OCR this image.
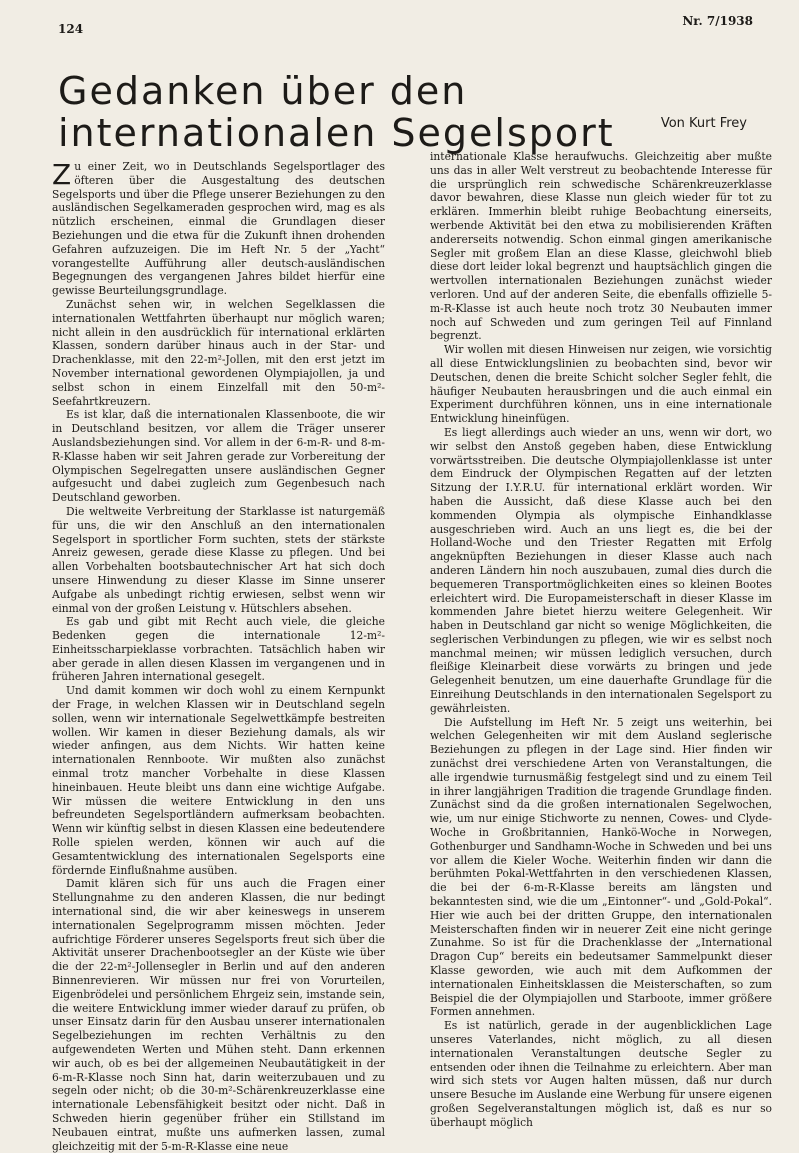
124
Nr. 7/1938
Gedanken über den internationalen Segelsport	Von Kurt Frey

Zu einer Zeit, wo in Deutschlands Segelsportlager des öfteren über die Ausgestaltung des deutschen Segelsports und über die Pflege unserer Beziehungen zu den ausländischen Segelkameraden gesprochen wird, mag es als nützlich erscheinen, einmal die Grundlagen dieser Beziehungen und die etwa für die Zukunft ihnen drohenden Gefahren aufzuzeigen. Die im Heft Nr. 5 der „Yacht“ vorangestellte Aufführung aller deutsch-ausländischen Begegnungen des vergangenen Jahres bildet hierfür eine gewisse Beurteilungsgrundlage.

Zunächst sehen wir, in welchen Segelklassen die internationalen Wettfahrten überhaupt nur möglich waren; nicht allein in den ausdrücklich für international erklärten Klassen, sondern darüber hinaus auch in der Star- und Drachenklasse, mit den 22-m²-Jollen, mit den erst jetzt im November international gewordenen Olympiajollen, ja und selbst schon in einem Einzelfall mit den 50-m²-Seefahrtkreuzern.

Es ist klar, daß die internationalen Klassenboote, die wir in Deutschland besitzen, vor allem die Träger unserer Auslandsbeziehungen sind. Vor allem in der 6-m-R- und 8-m-R-Klasse haben wir seit Jahren gerade zur Vorbereitung der Olympischen Segelregatten unsere ausländischen Gegner aufgesucht und dabei zugleich zum Gegenbesuch nach Deutschland geworben.

Die weltweite Verbreitung der Starklasse ist naturgemäß für uns, die wir den Anschluß an den internationalen Segelsport in sportlicher Form suchten, stets der stärkste Anreiz gewesen, gerade diese Klasse zu pflegen. Und bei allen Vorbehalten bootsbautechnischer Art hat sich doch unsere Hinwendung zu dieser Klasse im Sinne unserer Aufgabe als unbedingt richtig erwiesen, selbst wenn wir einmal von der großen Leistung v. Hütschlers absehen.

Es gab und gibt mit Recht auch viele, die gleiche Bedenken gegen die internationale 12-m²-Einheitsscharpieklasse vorbrachten. Tatsächlich haben wir aber gerade in allen diesen Klassen im vergangenen und in früheren Jahren international gesegelt.

Und damit kommen wir doch wohl zu einem Kernpunkt der Frage, in welchen Klassen wir in Deutschland segeln sollen, wenn wir internationale Segelwettkämpfe bestreiten wollen. Wir kamen in dieser Beziehung damals, als wir wieder anfingen, aus dem Nichts. Wir hatten keine internationalen Rennboote. Wir mußten also zunächst einmal trotz mancher Vorbehalte in diese Klassen hineinbauen. Heute bleibt uns dann eine wichtige Aufgabe. Wir müssen die weitere Entwicklung in den uns befreundeten Segelsportländern aufmerksam beobachten. Wenn wir künftig selbst in diesen Klassen eine bedeutendere Rolle spielen werden, können wir auch auf die Gesamtentwicklung des internationalen Segelsports eine fördernde Einflußnahme ausüben.

Damit klären sich für uns auch die Fragen einer Stellungnahme zu den anderen Klassen, die nur bedingt international sind, die wir aber keineswegs in unserem internationalen Segelprogramm missen möchten. Jeder aufrichtige Förderer unseres Segelsports freut sich über die Aktivität unserer Drachenbootsegler an der Küste wie über die der 22-m²-Jollensegler in Berlin und auf den anderen Binnenrevieren. Wir müssen nur frei von Vorurteilen, Eigenbrödelei und persönlichem Ehrgeiz sein, imstande sein, die weitere Entwicklung immer wieder darauf zu prüfen, ob unser Einsatz darin für den Ausbau unserer internationalen Segelbeziehungen im rechten Verhältnis zu den aufgewendeten Werten und Mühen steht. Dann erkennen wir auch, ob es bei der allgemeinen Neubautätigkeit in der 6-m-R-Klasse noch Sinn hat, darin weiterzubauen und zu segeln oder nicht; ob die 30-m²-Schärenkreuzerklasse eine internationale Lebensfähigkeit besitzt oder nicht. Daß in Schweden hierin gegenüber früher ein Stillstand im Neubauen eintrat, mußte uns aufmerken lassen, zumal gleichzeitig mit der 5-m-R-Klasse eine neue

internationale Klasse heraufwuchs. Gleichzeitig aber mußte uns das in aller Welt verstreut zu beobachtende Interesse für die ursprünglich rein schwedische Schärenkreuzerklasse davor bewahren, diese Klasse nun gleich wieder für tot zu erklären. Immerhin bleibt ruhige Beobachtung einerseits, werbende Aktivität bei den etwa zu mobilisierenden Kräften andererseits notwendig. Schon einmal gingen amerikanische Segler mit großem Elan an diese Klasse, gleichwohl blieb diese dort leider lokal begrenzt und hauptsächlich gingen die wertvollen internationalen Beziehungen zunächst wieder verloren. Und auf der anderen Seite, die ebenfalls offizielle 5-m-R-Klasse ist auch heute noch trotz 30 Neubauten immer noch auf Schweden und zum geringen Teil auf Finnland begrenzt.

Wir wollen mit diesen Hinweisen nur zeigen, wie vorsichtig all diese Entwicklungslinien zu beobachten sind, bevor wir Deutschen, denen die breite Schicht solcher Segler fehlt, die häufiger Neubauten herausbringen und die auch einmal ein Experiment durchführen können, uns in eine internationale Entwicklung hineinfügen.

Es liegt allerdings auch wieder an uns, wenn wir dort, wo wir selbst den Anstoß gegeben haben, diese Entwicklung vorwärtsstreiben. Die deutsche Olympiajollenklasse ist unter dem Eindruck der Olympischen Regatten auf der letzten Sitzung der I.Y.R.U. für international erklärt worden. Wir haben die Aussicht, daß diese Klasse auch bei den kommenden Olympia als olympische Einhandklasse ausgeschrieben wird. Auch an uns liegt es, die bei der Holland-Woche und den Triester Regatten mit Erfolg angeknüpften Beziehungen in dieser Klasse auch nach anderen Ländern hin noch auszubauen, zumal dies durch die bequemeren Transportmöglichkeiten eines so kleinen Bootes erleichtert wird. Die Europameisterschaft in dieser Klasse im kommenden Jahre bietet hierzu weitere Gelegenheit. Wir haben in Deutschland gar nicht so wenige Möglichkeiten, die seglerischen Verbindungen zu pflegen, wie wir es selbst noch manchmal meinen; wir müssen lediglich versuchen, durch fleißige Kleinarbeit diese vorwärts zu bringen und jede Gelegenheit benutzen, um eine dauerhafte Grundlage für die Einreihung Deutschlands in den internationalen Segelsport zu gewährleisten.

Die Aufstellung im Heft Nr. 5 zeigt uns weiterhin, bei welchen Gelegenheiten wir mit dem Ausland seglerische Beziehungen zu pflegen in der Lage sind. Hier finden wir zunächst drei verschiedene Arten von Veranstaltungen, die alle irgendwie turnusmäßig festgelegt sind und zu einem Teil in ihrer langjährigen Tradition die tragende Grundlage finden. Zunächst sind da die großen internationalen Segelwochen, wie, um nur einige Stichworte zu nennen, Cowes- und Clyde-Woche in Großbritannien, Hankö-Woche in Norwegen, Gothenburger und Sandhamn-Woche in Schweden und bei uns vor allem die Kieler Woche. Weiterhin finden wir dann die berühmten Pokal-Wettfahrten in den verschiedenen Klassen, die bei der 6-m-R-Klasse bereits am längsten und bekanntesten sind, wie die um „Eintonner“- und „Gold-Pokal“. Hier wie auch bei der dritten Gruppe, den internationalen Meisterschaften finden wir in neuerer Zeit eine nicht geringe Zunahme. So ist für die Drachenklasse der „International Dragon Cup“ bereits ein bedeutsamer Sammelpunkt dieser Klasse geworden, wie auch mit dem Aufkommen der internationalen Einheitsklassen die Meisterschaften, so zum Beispiel die der Olympiajollen und Starboote, immer größere Formen annehmen.

Es ist natürlich, gerade in der augenblicklichen Lage unseres Vaterlandes, nicht möglich, zu all diesen internationalen Veranstaltungen deutsche Segler zu entsenden oder ihnen die Teilnahme zu erleichtern. Aber man wird sich stets vor Augen halten müssen, daß nur durch unsere Besuche im Auslande eine Werbung für unsere eigenen großen Segelveranstaltungen möglich ist, daß es nur so überhaupt möglich
